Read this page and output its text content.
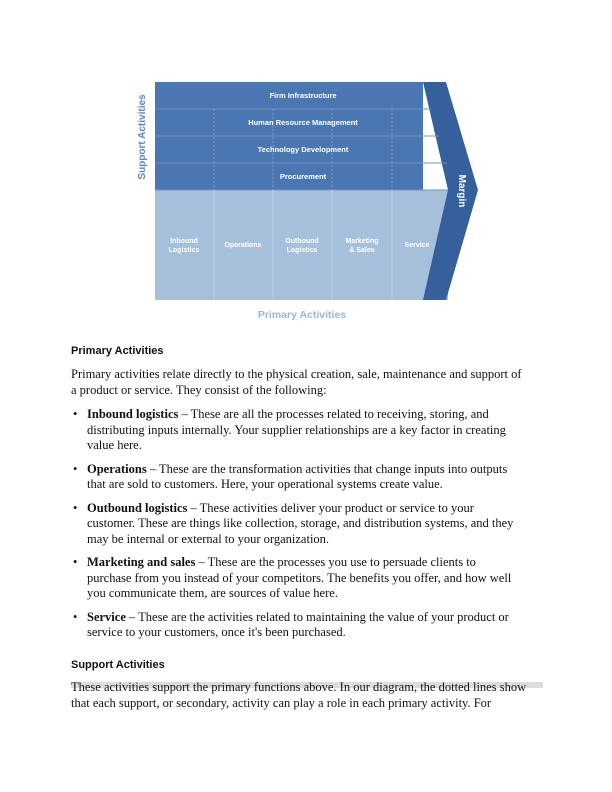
Firm Infrastructure
Human Resource Management
Technology Development
Procurement
Inbound
Logistics
Operations
Outbound
Logistics
Marketing
& Sales
Service
Margin
Support Activities
Primary Activities
Primary Activities
Primary activities relate directly to the physical creation, sale, maintenance and support of
a product or service. They consist of the following:
• Inbound logistics – These are all the processes related to receiving, storing, and
distributing inputs internally. Your supplier relationships are a key factor in creating
value here.
• Operations – These are the transformation activities that change inputs into outputs
that are sold to customers. Here, your operational systems create value.
• Outbound logistics – These activities deliver your product or service to your
customer. These are things like collection, storage, and distribution systems, and they
may be internal or external to your organization.
• Marketing and sales – These are the processes you use to persuade clients to
purchase from you instead of your competitors. The benefits you offer, and how well
you communicate them, are sources of value here.
• Service – These are the activities related to maintaining the value of your product or
service to your customers, once it's been purchased.
Support Activities
These activities support the primary functions above. In our diagram, the dotted lines show
that each support, or secondary, activity can play a role in each primary activity. For
